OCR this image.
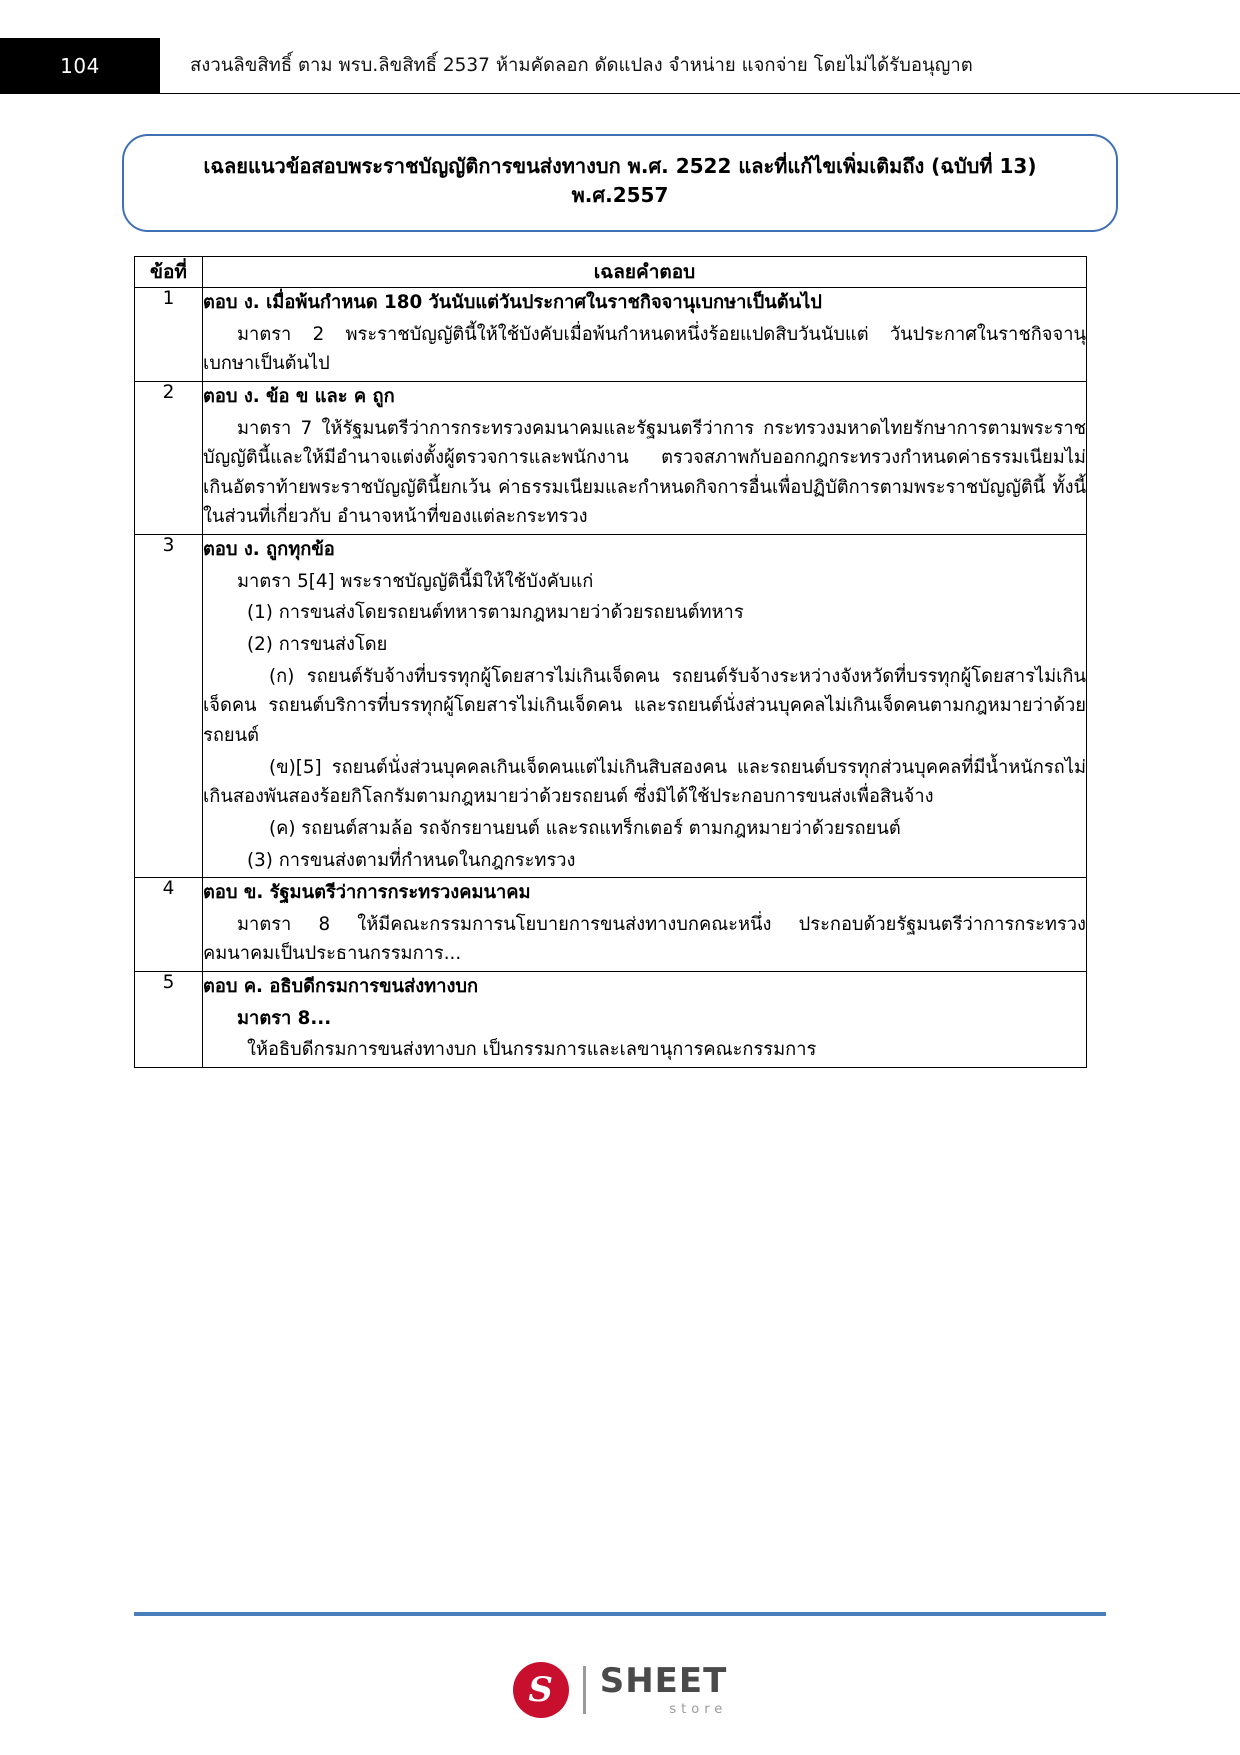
104	สงวนลิขสิทธิ์ ตาม พรบ.ลิขสิทธิ์ 2537 ห้ามคัดลอก ดัดแปลง จำหน่าย แจกจ่าย โดยไม่ได้รับอนุญาต
เฉลยแนวข้อสอบพระราชบัญญัติการขนส่งทางบก พ.ศ. 2522 และที่แก้ไขเพิ่มเติมถึง (ฉบับที่ 13)
พ.ศ.2557
ข้อที่	เฉลยคำตอบ
1	ตอบ ง. เมื่อพ้นกำหนด 180 วันนับแต่วันประกาศในราชกิจจานุเบกษาเป็นต้นไป

มาตรา 2 พระราชบัญญัตินี้ให้ใช้บังคับเมื่อพ้นกำหนดหนึ่งร้อยแปดสิบวันนับแต่ วันประกาศในราชกิจจานุเบกษาเป็นต้นไป

2	ตอบ ง. ข้อ ข และ ค ถูก

มาตรา 7 ให้รัฐมนตรีว่าการกระทรวงคมนาคมและรัฐมนตรีว่าการ กระทรวงมหาดไทยรักษาการตามพระราชบัญญัตินี้และให้มีอำนาจแต่งตั้งผู้ตรวจการและพนักงาน ตรวจสภาพกับออกกฎกระทรวงกำหนดค่าธรรมเนียมไม่เกินอัตราท้ายพระราชบัญญัตินี้ยกเว้น ค่าธรรมเนียมและกำหนดกิจการอื่นเพื่อปฏิบัติการตามพระราชบัญญัตินี้ ทั้งนี้ในส่วนที่เกี่ยวกับ อำนาจหน้าที่ของแต่ละกระทรวง

3	ตอบ ง. ถูกทุกข้อ

มาตรา 5[4] พระราชบัญญัตินี้มิให้ใช้บังคับแก่

(1) การขนส่งโดยรถยนต์ทหารตามกฎหมายว่าด้วยรถยนต์ทหาร

(2) การขนส่งโดย

(ก) รถยนต์รับจ้างที่บรรทุกผู้โดยสารไม่เกินเจ็ดคน รถยนต์รับจ้างระหว่างจังหวัดที่บรรทุกผู้โดยสารไม่เกินเจ็ดคน รถยนต์บริการที่บรรทุกผู้โดยสารไม่เกินเจ็ดคน และรถยนต์นั่งส่วนบุคคลไม่เกินเจ็ดคนตามกฎหมายว่าด้วยรถยนต์

(ข)[5] รถยนต์นั่งส่วนบุคคลเกินเจ็ดคนแต่ไม่เกินสิบสองคน และรถยนต์บรรทุกส่วนบุคคลที่มีน้ำหนักรถไม่เกินสองพันสองร้อยกิโลกรัมตามกฎหมายว่าด้วยรถยนต์ ซึ่งมิได้ใช้ประกอบการขนส่งเพื่อสินจ้าง

(ค) รถยนต์สามล้อ รถจักรยานยนต์ และรถแทร็กเตอร์ ตามกฎหมายว่าด้วยรถยนต์

(3) การขนส่งตามที่กำหนดในกฎกระทรวง

4	ตอบ ข. รัฐมนตรีว่าการกระทรวงคมนาคม

มาตรา 8 ให้มีคณะกรรมการนโยบายการขนส่งทางบกคณะหนึ่ง ประกอบด้วยรัฐมนตรีว่าการกระทรวงคมนาคมเป็นประธานกรรมการ...

5	ตอบ ค. อธิบดีกรมการขนส่งทางบก

มาตรา 8...

ให้อธิบดีกรมการขนส่งทางบก เป็นกรรมการและเลขานุการคณะกรรมการ

S	SHEET
store
